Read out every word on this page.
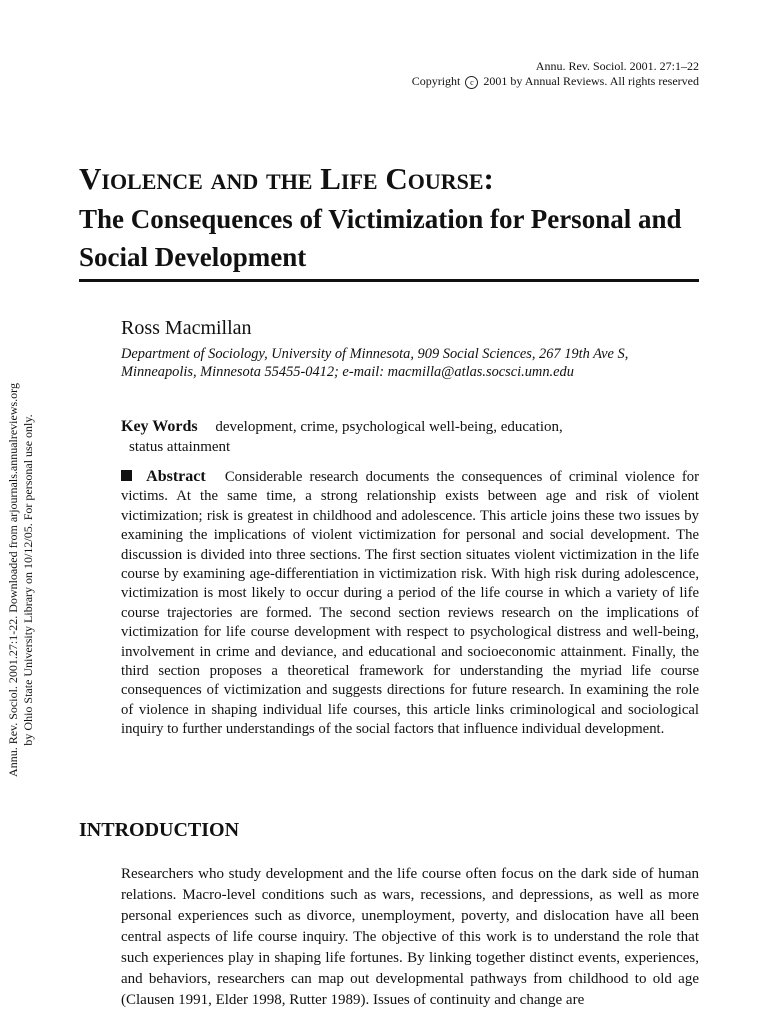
Annu. Rev. Sociol. 2001. 27:1–22
Copyright c 2001 by Annual Reviews. All rights reserved
Violence and the Life Course:
The Consequences of Victimization for Personal and Social Development

Ross Macmillan

Department of Sociology, University of Minnesota, 909 Social Sciences, 267 19th Ave S,

Minneapolis, Minnesota 55455-0412; e-mail: macmilla@atlas.socsci.umn.edu

Key Words development, crime, psychological well-being, education,
status attainment

Abstract Considerable research documents the consequences of criminal violence for victims. At the same time, a strong relationship exists between age and risk of violent victimization; risk is greatest in childhood and adolescence. This article joins these two issues by examining the implications of violent victimization for personal and social development. The discussion is divided into three sections. The first section situates violent victimization in the life course by examining age-differentiation in victimization risk. With high risk during adolescence, victimization is most likely to occur during a period of the life course in which a variety of life course trajectories are formed. The second section reviews research on the implications of victimization for life course development with respect to psychological distress and well-being, involvement in crime and deviance, and educational and socioeconomic attainment. Finally, the third section proposes a theoretical framework for understanding the myriad life course consequences of victimization and suggests directions for future research. In examining the role of violence in shaping individual life courses, this article links criminological and sociological inquiry to further understandings of the social factors that influence individual development.

INTRODUCTION

Researchers who study development and the life course often focus on the dark side of human relations. Macro-level conditions such as wars, recessions, and depressions, as well as more personal experiences such as divorce, unemployment, poverty, and dislocation have all been central aspects of life course inquiry. The objective of this work is to understand the role that such experiences play in shaping life fortunes. By linking together distinct events, experiences, and behaviors, researchers can map out developmental pathways from childhood to old age (Clausen 1991, Elder 1998, Rutter 1989). Issues of continuity and change are

Annu. Rev. Sociol. 2001.27:1-22. Downloaded from arjournals.annualreviews.org by Ohio State University Library on 10/12/05. For personal use only.
